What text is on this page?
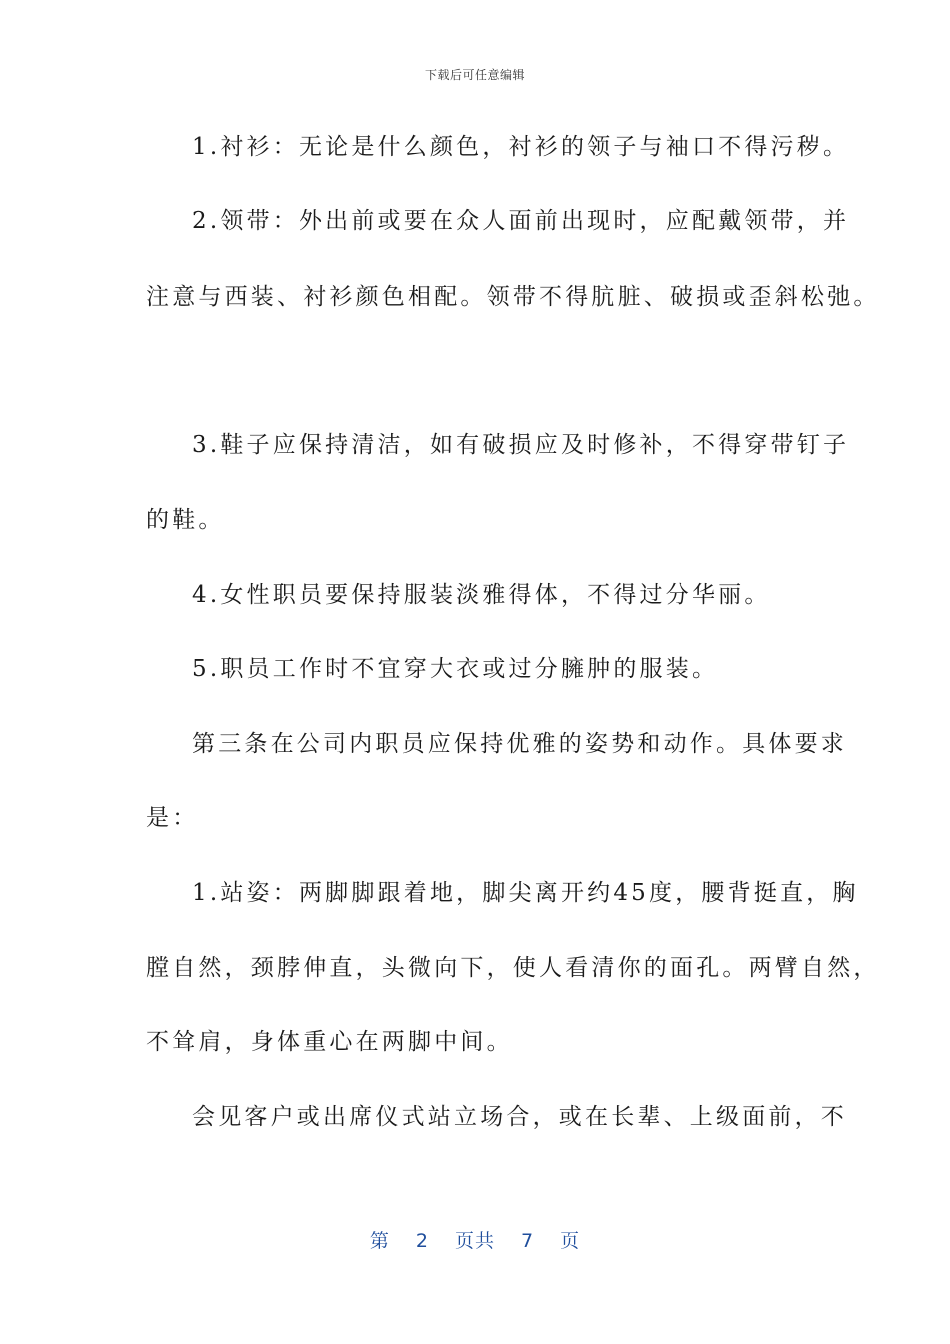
下载后可任意编辑
1.衬衫：无论是什么颜色，衬衫的领子与袖口不得污秽。
2.领带：外出前或要在众人面前出现时，应配戴领带，并
注意与西装、衬衫颜色相配。领带不得肮脏、破损或歪斜松弛。
3.鞋子应保持清洁，如有破损应及时修补，不得穿带钉子
的鞋。
4.女性职员要保持服装淡雅得体，不得过分华丽。
5.职员工作时不宜穿大衣或过分臃肿的服装。
第三条在公司内职员应保持优雅的姿势和动作。具体要求
是：
1.站姿：两脚脚跟着地，脚尖离开约45度，腰背挺直，胸
膛自然，颈脖伸直，头微向下，使人看清你的面孔。两臂自然，
不耸肩，身体重心在两脚中间。
会见客户或出席仪式站立场合，或在长辈、上级面前，不
第 2 页共 7 页
